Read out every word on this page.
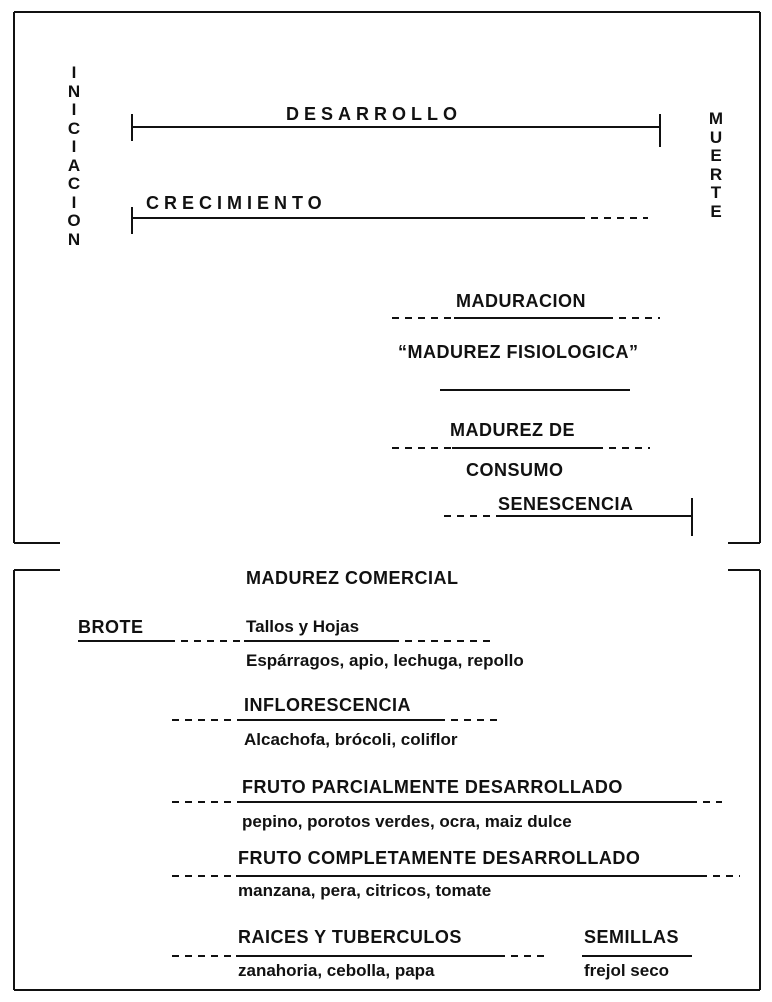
I
N
I
C
I
A
C
I
O
N
M
U
E
R
T
E
DESARROLLO
CRECIMIENTO
MADURACION
“MADUREZ FISIOLOGICA”
MADUREZ DE
CONSUMO
SENESCENCIA
MADUREZ COMERCIAL
BROTE	Tallos y Hojas
Espárragos, apio, lechuga, repollo
INFLORESCENCIA
Alcachofa, brócoli, coliflor
FRUTO PARCIALMENTE DESARROLLADO
pepino, porotos verdes, ocra, maiz dulce
FRUTO COMPLETAMENTE DESARROLLADO
manzana, pera, citricos, tomate
RAICES Y TUBERCULOS
zanahoria, cebolla, papa
SEMILLAS
frejol seco
